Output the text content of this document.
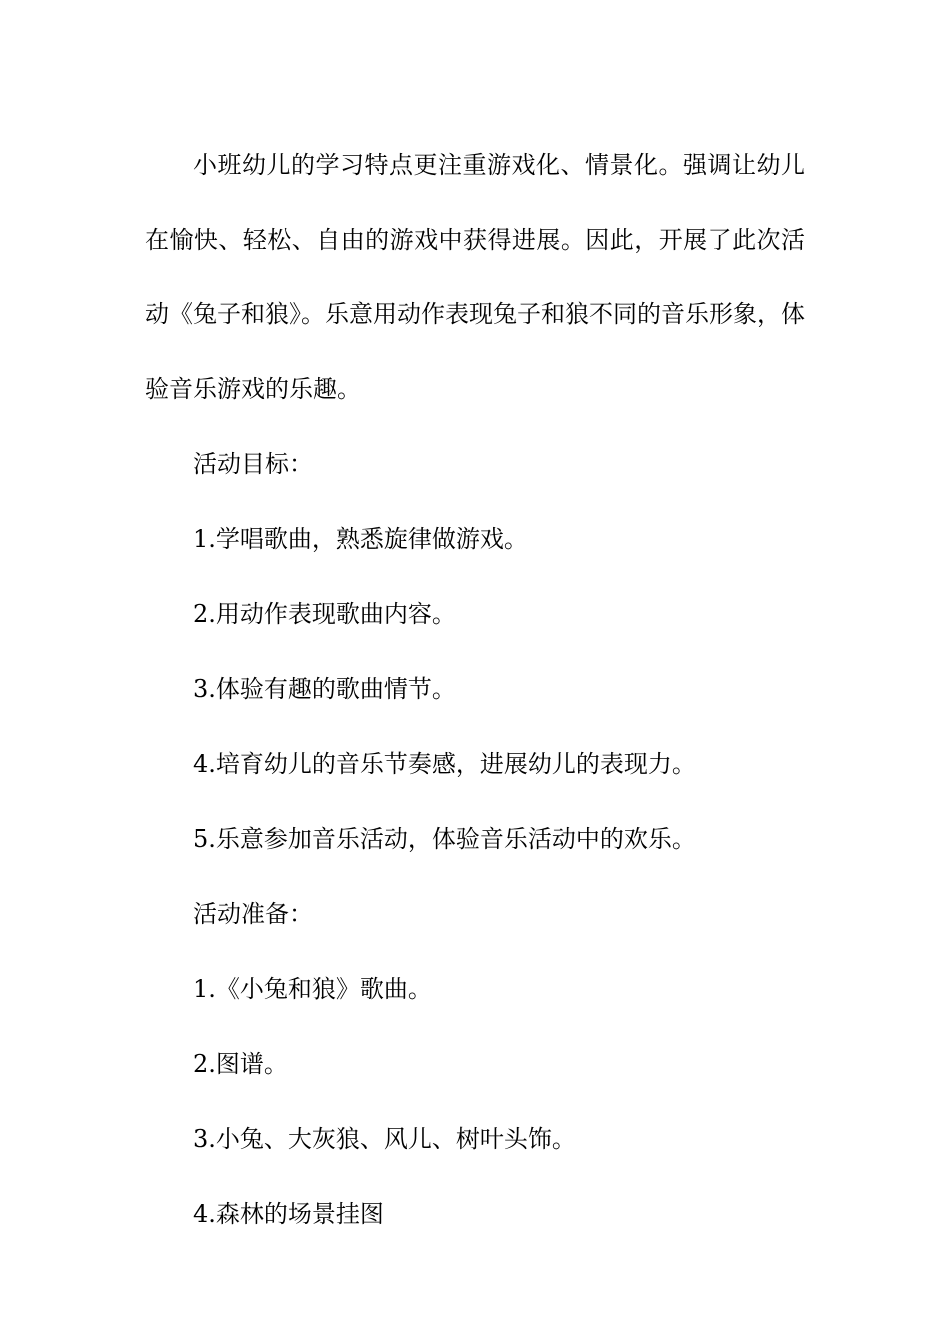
小班幼儿的学习特点更注重游戏化、情景化。强调让幼儿在愉快、轻松、自由的游戏中获得进展。因此，开展了此次活动《兔子和狼》。乐意用动作表现兔子和狼不同的音乐形象，体验音乐游戏的乐趣。

活动目标：

1.学唱歌曲，熟悉旋律做游戏。

2.用动作表现歌曲内容。

3.体验有趣的歌曲情节。

4.培育幼儿的音乐节奏感，进展幼儿的表现力。

5.乐意参加音乐活动，体验音乐活动中的欢乐。

活动准备：

1.《小兔和狼》歌曲。

2.图谱。

3.小兔、大灰狼、风儿、树叶头饰。

4.森林的场景挂图
